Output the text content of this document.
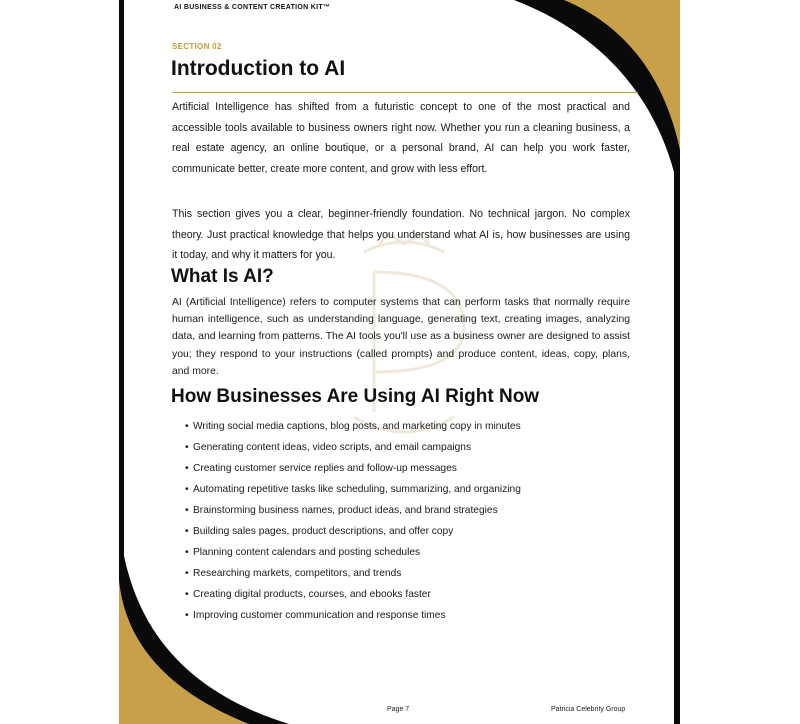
AI BUSINESS & CONTENT CREATION KIT™
SECTION 02
Introduction to AI

Artificial Intelligence has shifted from a futuristic concept to one of the most practical and accessible tools available to business owners right now. Whether you run a cleaning business, a real estate agency, an online boutique, or a personal brand, AI can help you work faster, communicate better, create more content, and grow with less effort.

This section gives you a clear, beginner-friendly foundation. No technical jargon. No complex theory. Just practical knowledge that helps you understand what AI is, how businesses are using it today, and why it matters for you.

What Is AI?

AI (Artificial Intelligence) refers to computer systems that can perform tasks that normally require human intelligence, such as understanding language, generating text, creating images, analyzing data, and learning from patterns. The AI tools you'll use as a business owner are designed to assist you; they respond to your instructions (called prompts) and produce content, ideas, copy, plans, and more.

How Businesses Are Using AI Right Now
• Writing social media captions, blog posts, and marketing copy in minutes
• Generating content ideas, video scripts, and email campaigns
• Creating customer service replies and follow-up messages
• Automating repetitive tasks like scheduling, summarizing, and organizing
• Brainstorming business names, product ideas, and brand strategies
• Building sales pages, product descriptions, and offer copy
• Planning content calendars and posting schedules
• Researching markets, competitors, and trends
• Creating digital products, courses, and ebooks faster
• Improving customer communication and response times
Page 7	Patricia Celebrity Group
